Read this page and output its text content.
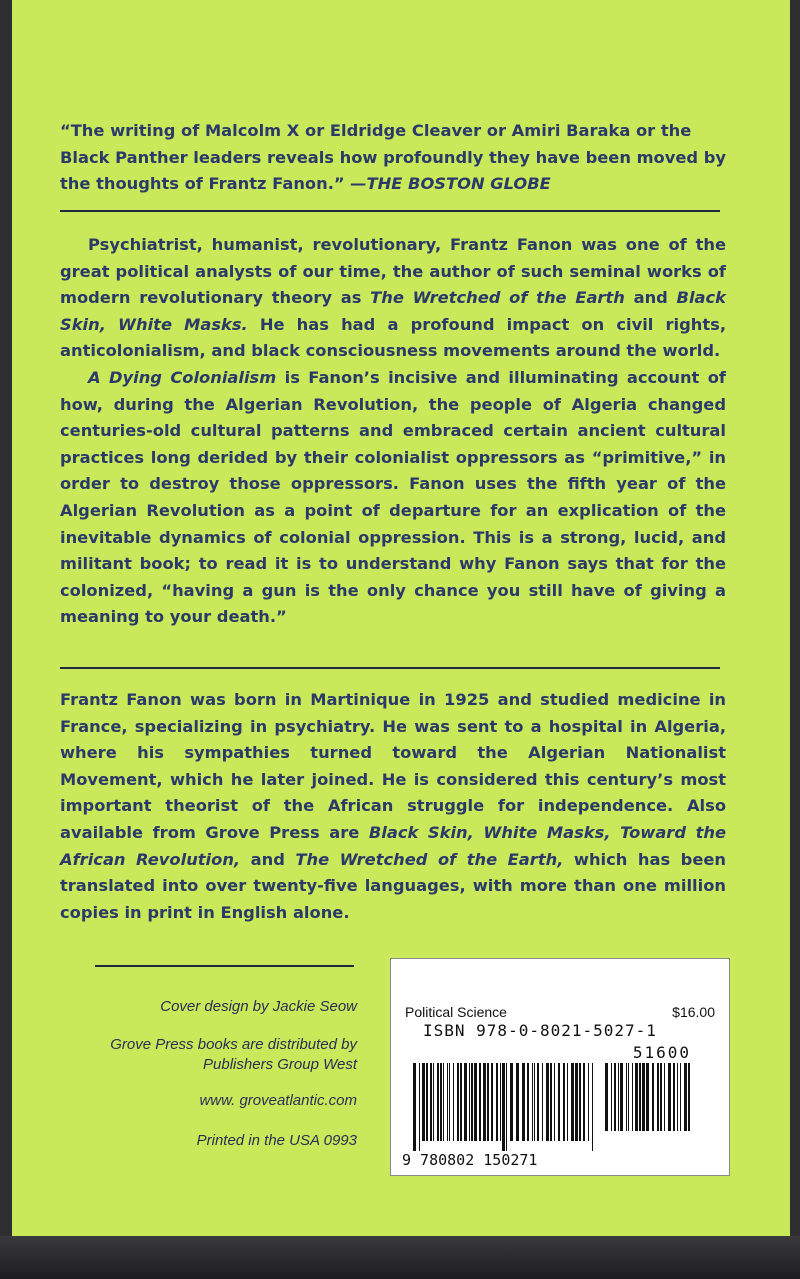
“The writing of Malcolm X or Eldridge Cleaver or Amiri Baraka or the Black Panther leaders reveals how profoundly they have been moved by the thoughts of Frantz Fanon.” —THE BOSTON GLOBE

Psychiatrist, humanist, revolutionary, Frantz Fanon was one of the great political analysts of our time, the author of such seminal works of modern revolutionary theory as The Wretched of the Earth and Black Skin, White Masks. He has had a profound impact on civil rights, anticolonialism, and black consciousness movements around the world.

A Dying Colonialism is Fanon’s incisive and illuminating account of how, during the Algerian Revolution, the people of Algeria changed centuries-old cultural patterns and embraced certain ancient cultural practices long derided by their colonialist oppressors as “primitive,” in order to destroy those oppressors. Fanon uses the fifth year of the Algerian Revolution as a point of departure for an explication of the inevitable dynamics of colonial oppression. This is a strong, lucid, and militant book; to read it is to understand why Fanon says that for the colonized, “having a gun is the only chance you still have of giving a meaning to your death.”

Frantz Fanon was born in Martinique in 1925 and studied medicine in France, specializing in psychiatry. He was sent to a hospital in Algeria, where his sympathies turned toward the Algerian Nationalist Movement, which he later joined. He is considered this century’s most important theorist of the African struggle for independence. Also available from Grove Press are Black Skin, White Masks, Toward the African Revolution, and The Wretched of the Earth, which has been translated into over twenty-five languages, with more than one million copies in print in English alone.

Cover design by Jackie Seow
Grove Press books are distributed by
Publishers Group West
www. groveatlantic.com
Printed in the USA 0993
Political Science	$16.00
ISBN 978-0-8021-5027-1
51600
9 780802 150271
